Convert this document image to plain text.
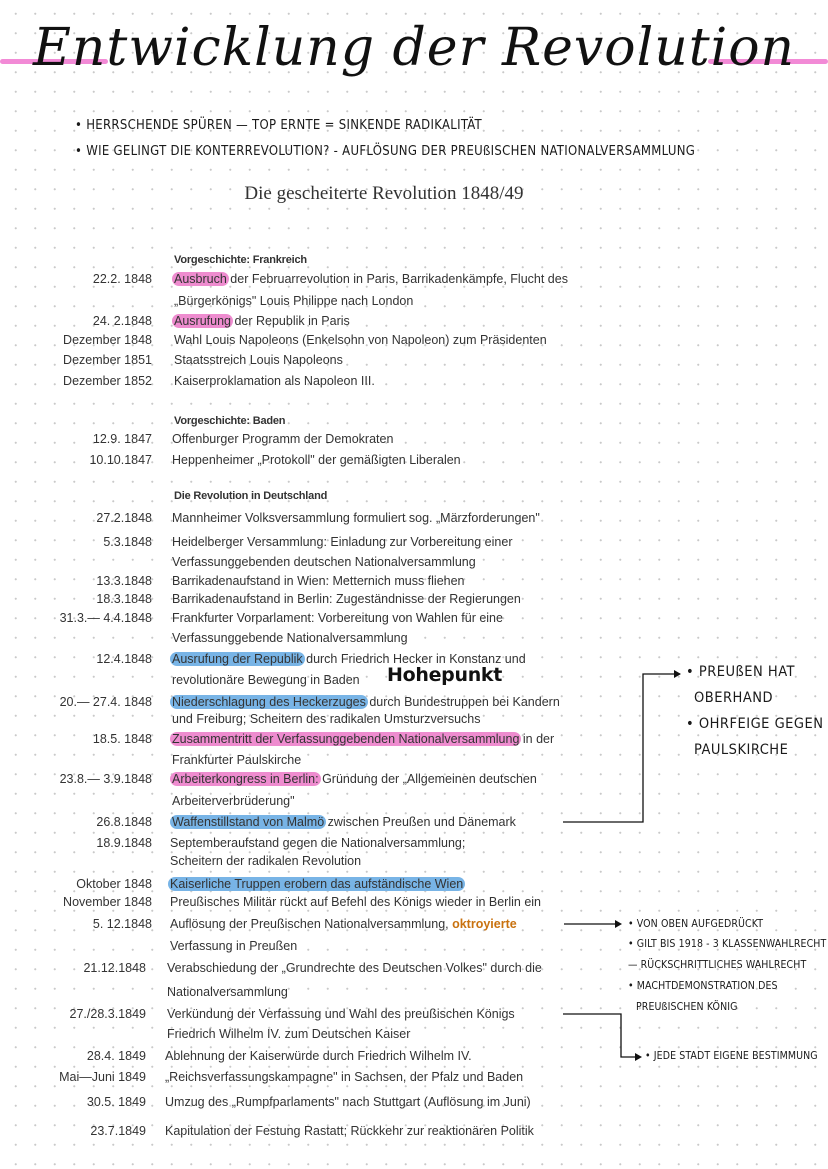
Entwicklung der Revolution
• HERRSCHENDE SPÜREN — TOP ERNTE = SINKENDE RADIKALITÄT
• WIE GELINGT DIE KONTERREVOLUTION? - AUFLÖSUNG DER PREUßISCHEN NATIONALVERSAMMLUNG
Die gescheiterte Revolution 1848/49
Vorgeschichte: Frankreich
22.2. 1848 Ausbruch der Februarrevolution in Paris, Barrikadenkämpfe, Flucht des
„Bürgerkönigs" Louis Philippe nach London
24. 2.1848 Ausrufung der Republik in Paris
Dezember 1848 Wahl Louis Napoleons (Enkelsohn von Napoleon) zum Präsidenten
Dezember 1851 Staatsstreich Louis Napoleons
Dezember 1852 Kaiserproklamation als Napoleon III.
Vorgeschichte: Baden
12.9. 1847 Offenburger Programm der Demokraten
10.10.1847 Heppenheimer „Protokoll" der gemäßigten Liberalen
Die Revolution in Deutschland
27.2.1848 Mannheimer Volksversammlung formuliert sog. „Märzforderungen"
5.3.1848 Heidelberger Versammlung: Einladung zur Vorbereitung einer
Verfassunggebenden deutschen Nationalversammlung
13.3.1848 Barrikadenaufstand in Wien: Metternich muss fliehen
18.3.1848 Barrikadenaufstand in Berlin: Zugeständnisse der Regierungen
31.3.— 4.4.1848 Frankfurter Vorparlament: Vorbereitung von Wahlen für eine
Verfassunggebende Nationalversammlung
12.4.1848 Ausrufung der Republik durch Friedrich Hecker in Konstanz und
revolutionäre Bewegung in Baden Hohepunkt
20.— 27.4. 1848 Niederschlagung des Heckerzuges durch Bundestruppen bei Kandern
und Freiburg; Scheitern des radikalen Umsturzversuchs
18.5. 1848 Zusammentritt der Verfassunggebenden Nationalversammlung in der
Frankfurter Paulskirche
23.8.— 3.9.1848 Arbeiterkongress in Berlin: Gründung der „Allgemeinen deutschen
Arbeiterverbrüderung"
26.8.1848 Waffenstillstand von Malmö zwischen Preußen und Dänemark
18.9.1848 Septemberaufstand gegen die Nationalversammlung;
Scheitern der radikalen Revolution
Oktober 1848 Kaiserliche Truppen erobern das aufständische Wien
November 1848 Preußisches Militär rückt auf Befehl des Königs wieder in Berlin ein
5. 12.1848 Auflösung der Preußischen Nationalversammlung, oktroyierte
Verfassung in Preußen
21.12.1848 Verabschiedung der „Grundrechte des Deutschen Volkes" durch die
Nationalversammlung
27./28.3.1849 Verkündung der Verfassung und Wahl des preußischen Königs
Friedrich Wilhelm IV. zum Deutschen Kaiser
28.4. 1849 Ablehnung der Kaiserwürde durch Friedrich Wilhelm IV.
Mai—Juni 1849 „Reichsverfassungskampagne" in Sachsen, der Pfalz und Baden
30.5. 1849 Umzug des „Rumpfparlaments" nach Stuttgart (Auflösung im Juni)
23.7.1849 Kapitulation der Festung Rastatt; Rückkehr zur reaktionären Politik
• PREUßEN HAT
OBERHAND
• OHRFEIGE GEGEN
PAULSKIRCHE
• VON OBEN AUFGEDRÜCKT
• GILT BIS 1918 - 3 KLASSENWAHLRECHT
— RÜCKSCHRITTLICHES WAHLRECHT
• MACHTDEMONSTRATION DES
PREUßISCHEN KÖNIG
• JEDE STADT EIGENE BESTIMMUNG
